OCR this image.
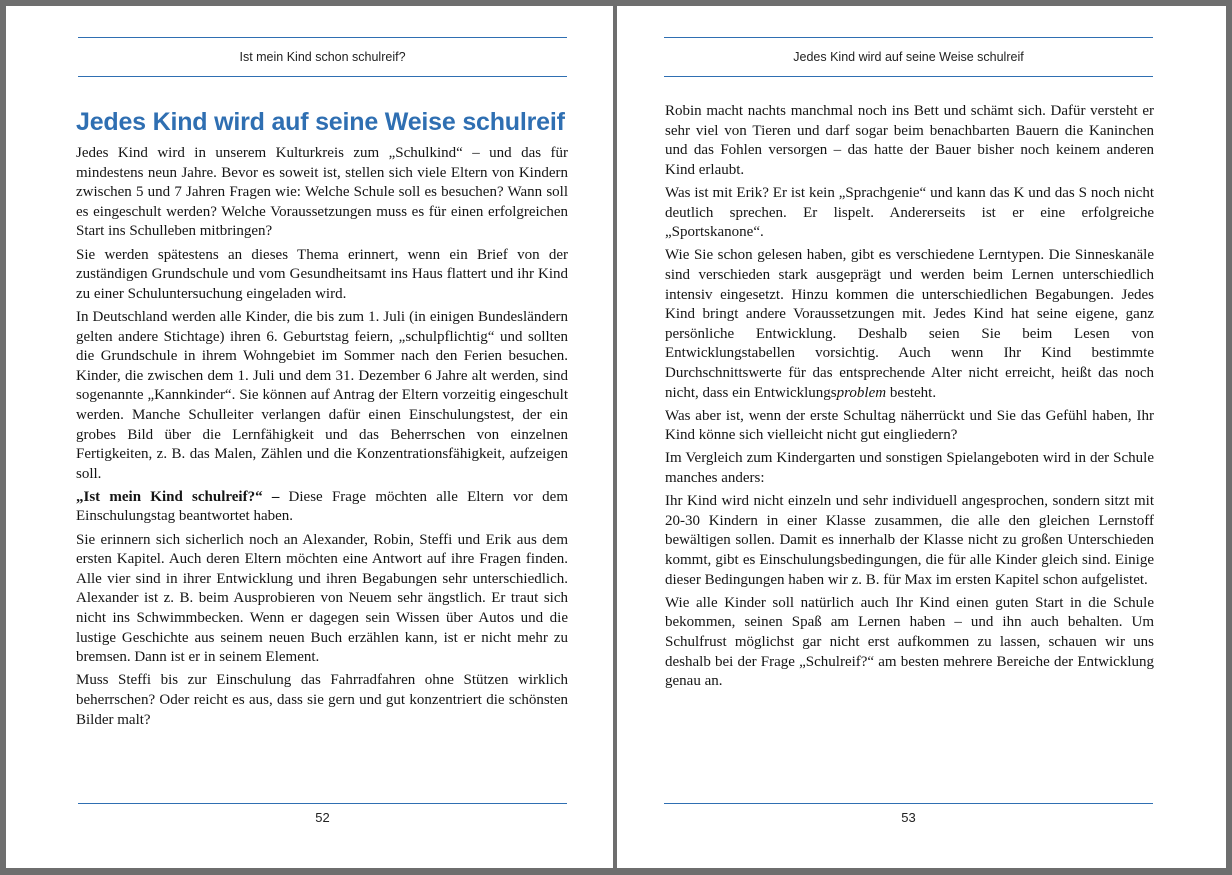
Ist mein Kind schon schulreif?
Jedes Kind wird auf seine Weise schulreif

Jedes Kind wird in unserem Kulturkreis zum „Schulkind“ – und das für mindestens neun Jahre. Bevor es soweit ist, stellen sich viele Eltern von Kindern zwischen 5 und 7 Jahren Fragen wie: Welche Schule soll es besuchen? Wann soll es eingeschult werden? Welche Voraussetzungen muss es für einen erfolgreichen Start ins Schulleben mitbringen?

Sie werden spätestens an dieses Thema erinnert, wenn ein Brief von der zuständigen Grundschule und vom Gesundheitsamt ins Haus flattert und ihr Kind zu einer Schuluntersuchung eingeladen wird.

In Deutschland werden alle Kinder, die bis zum 1. Juli (in einigen Bundesländern gelten andere Stichtage) ihren 6. Geburtstag feiern, „schulpflichtig“ und sollten die Grundschule in ihrem Wohngebiet im Sommer nach den Ferien besuchen. Kinder, die zwischen dem 1. Juli und dem 31. Dezember 6 Jahre alt werden, sind sogenannte „Kannkinder“. Sie können auf Antrag der Eltern vorzeitig eingeschult werden. Manche Schulleiter verlangen dafür einen Einschulungstest, der ein grobes Bild über die Lernfähigkeit und das Beherrschen von einzelnen Fertigkeiten, z. B. das Malen, Zählen und die Konzentrationsfähigkeit, aufzeigen soll.

„Ist mein Kind schulreif?“ – Diese Frage möchten alle Eltern vor dem Einschulungstag beantwortet haben.

Sie erinnern sich sicherlich noch an Alexander, Robin, Steffi und Erik aus dem ersten Kapitel. Auch deren Eltern möchten eine Antwort auf ihre Fragen finden. Alle vier sind in ihrer Entwicklung und ihren Begabungen sehr unterschiedlich. Alexander ist z. B. beim Ausprobieren von Neuem sehr ängstlich. Er traut sich nicht ins Schwimmbecken. Wenn er dagegen sein Wissen über Autos und die lustige Geschichte aus seinem neuen Buch erzählen kann, ist er nicht mehr zu bremsen. Dann ist er in seinem Element.

Muss Steffi bis zur Einschulung das Fahrradfahren ohne Stützen wirklich beherrschen? Oder reicht es aus, dass sie gern und gut konzentriert die schönsten Bilder malt?

52
Jedes Kind wird auf seine Weise schulreif

Robin macht nachts manchmal noch ins Bett und schämt sich. Dafür versteht er sehr viel von Tieren und darf sogar beim benachbarten Bauern die Kaninchen und das Fohlen versorgen – das hatte der Bauer bisher noch keinem anderen Kind erlaubt.

Was ist mit Erik? Er ist kein „Sprachgenie“ und kann das K und das S noch nicht deutlich sprechen. Er lispelt. Andererseits ist er eine erfolgreiche „Sportskanone“.

Wie Sie schon gelesen haben, gibt es verschiedene Lerntypen. Die Sinneskanäle sind verschieden stark ausgeprägt und werden beim Lernen unterschiedlich intensiv eingesetzt. Hinzu kommen die unterschiedlichen Begabungen. Jedes Kind bringt andere Voraussetzungen mit. Jedes Kind hat seine eigene, ganz persönliche Entwicklung. Deshalb seien Sie beim Lesen von Entwicklungstabellen vorsichtig. Auch wenn Ihr Kind bestimmte Durchschnittswerte für das entsprechende Alter nicht erreicht, heißt das noch nicht, dass ein Entwicklungsproblem besteht.

Was aber ist, wenn der erste Schultag näherrückt und Sie das Gefühl haben, Ihr Kind könne sich vielleicht nicht gut eingliedern?

Im Vergleich zum Kindergarten und sonstigen Spielangeboten wird in der Schule manches anders:

Ihr Kind wird nicht einzeln und sehr individuell angesprochen, sondern sitzt mit 20-30 Kindern in einer Klasse zusammen, die alle den gleichen Lernstoff bewältigen sollen. Damit es innerhalb der Klasse nicht zu großen Unterschieden kommt, gibt es Einschulungsbedingungen, die für alle Kinder gleich sind. Einige dieser Bedingungen haben wir z. B. für Max im ersten Kapitel schon aufgelistet.

Wie alle Kinder soll natürlich auch Ihr Kind einen guten Start in die Schule bekommen, seinen Spaß am Lernen haben – und ihn auch behalten. Um Schulfrust möglichst gar nicht erst aufkommen zu lassen, schauen wir uns deshalb bei der Frage „Schulreif?“ am besten mehrere Bereiche der Entwicklung genau an.

53
